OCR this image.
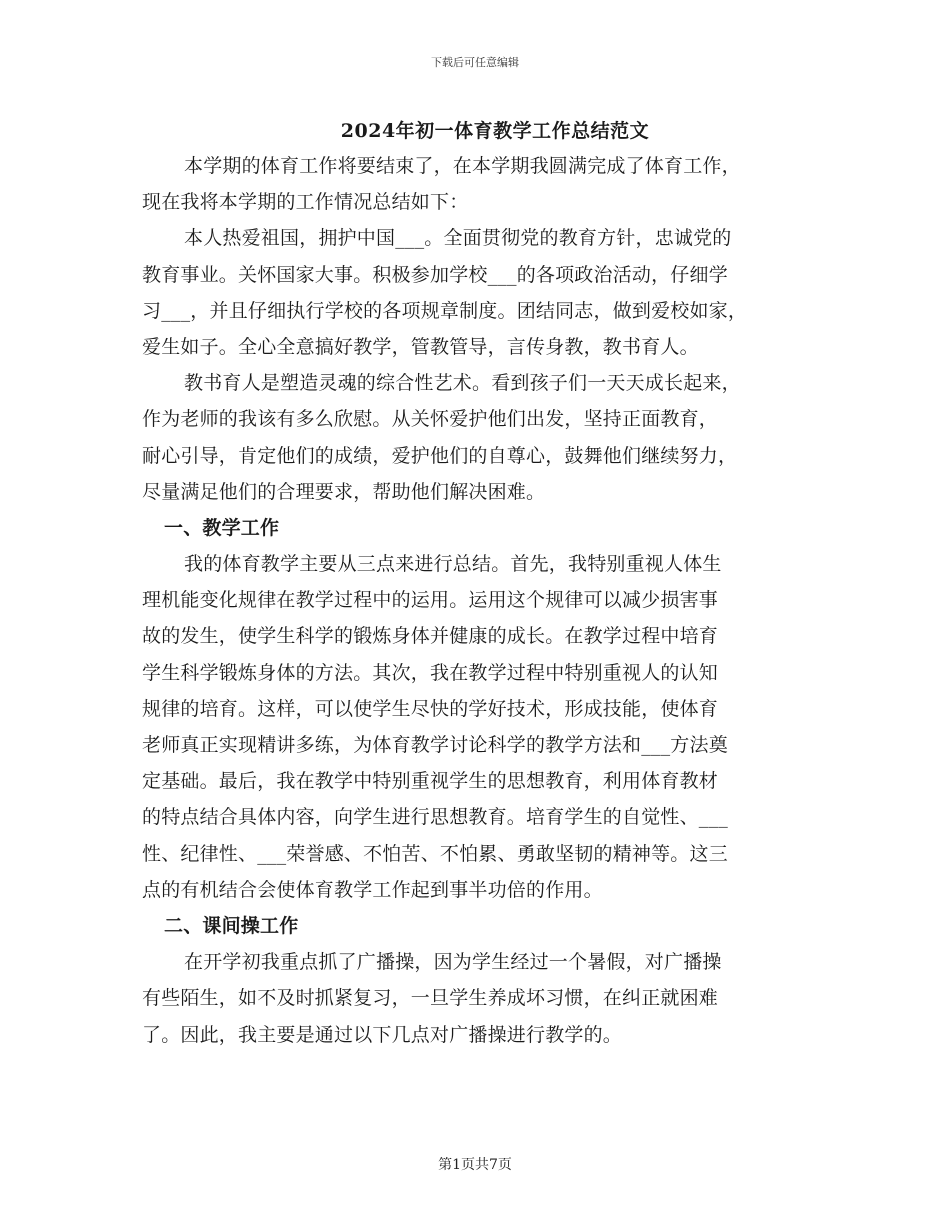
下载后可任意编辑
2024年初一体育教学工作总结范文
本学期的体育工作将要结束了，在本学期我圆满完成了体育工作，
现在我将本学期的工作情况总结如下：
本人热爱祖国，拥护中国___。全面贯彻党的教育方针，忠诚党的
教育事业。关怀国家大事。积极参加学校___的各项政治活动，仔细学
习___，并且仔细执行学校的各项规章制度。团结同志，做到爱校如家，
爱生如子。全心全意搞好教学，管教管导，言传身教，教书育人。
教书育人是塑造灵魂的综合性艺术。看到孩子们一天天成长起来，
作为老师的我该有多么欣慰。从关怀爱护他们出发，坚持正面教育，
耐心引导，肯定他们的成绩，爱护他们的自尊心，鼓舞他们继续努力，
尽量满足他们的合理要求，帮助他们解决困难。
一、教学工作
我的体育教学主要从三点来进行总结。首先，我特别重视人体生
理机能变化规律在教学过程中的运用。运用这个规律可以减少损害事
故的发生，使学生科学的锻炼身体并健康的成长。在教学过程中培育
学生科学锻炼身体的方法。其次，我在教学过程中特别重视人的认知
规律的培育。这样，可以使学生尽快的学好技术，形成技能，使体育
老师真正实现精讲多练，为体育教学讨论科学的教学方法和___方法奠
定基础。最后，我在教学中特别重视学生的思想教育，利用体育教材
的特点结合具体内容，向学生进行思想教育。培育学生的自觉性、___
性、纪律性、___荣誉感、不怕苦、不怕累、勇敢坚韧的精神等。这三
点的有机结合会使体育教学工作起到事半功倍的作用。
二、课间操工作
在开学初我重点抓了广播操，因为学生经过一个暑假，对广播操
有些陌生，如不及时抓紧复习，一旦学生养成坏习惯，在纠正就困难
了。因此，我主要是通过以下几点对广播操进行教学的。
第1页共7页
